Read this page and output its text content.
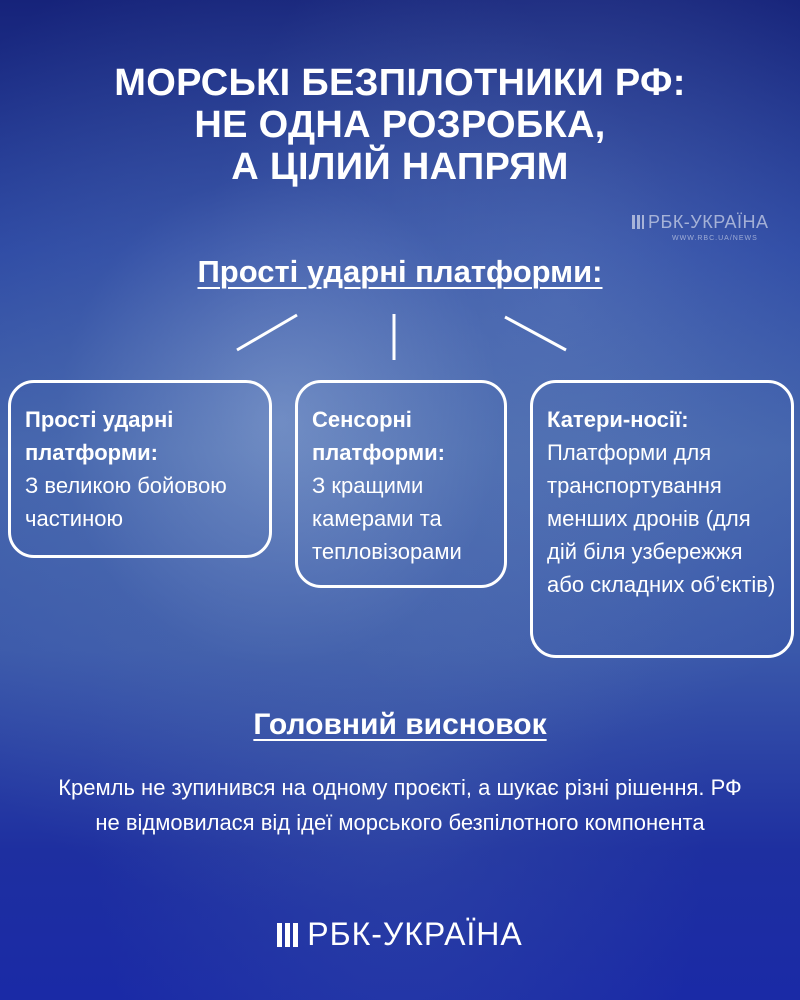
МОРСЬКІ БЕЗПІЛОТНИКИ РФ:
НЕ ОДНА РОЗРОБКА,
А ЦІЛИЙ НАПРЯМ
РБК-УКРАЇНА
WWW.RBC.UA/NEWS
Прості ударні платформи:
Прості ударні платформи:
З великою бойовою частиною
Сенсорні платформи:
З кращими камерами та тепловізорами
Катери-носії:
Платформи для транспортування менших дронів (для дій біля узбережжя або складних об’єктів)
Головний висновок
Кремль не зупинився на одному проєкті, а шукає різні рішення. РФ не відмовилася від ідеї морського безпілотного компонента
РБК-УКРАЇНА
